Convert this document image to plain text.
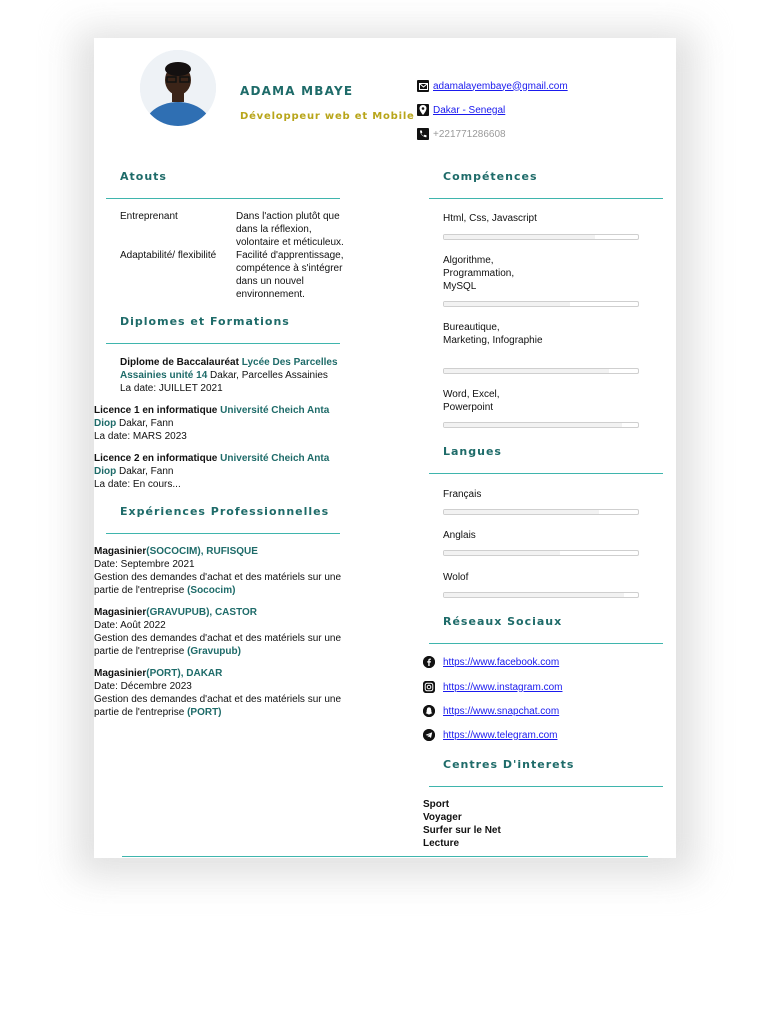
ADAMA MBAYE
Développeur web et Mobile
adamalayembaye@gmail.com
Dakar - Senegal
+221771286608
Atouts
Entreprenant	Dans l'action plutôt que dans la réflexion, volontaire et méticuleux.
Adaptabilité/ flexibilité	Facilité d'apprentissage, compétence à s'intégrer dans un nouvel environnement.
Diplomes et Formations
Diplome de Baccalauréat Lycée Des Parcelles Assainies unité 14 Dakar, Parcelles Assainies
La date: JUILLET 2021
Licence 1 en informatique Université Cheich Anta Diop Dakar, Fann
La date: MARS 2023
Licence 2 en informatique Université Cheich Anta Diop Dakar, Fann
La date: En cours...
Expériences Professionnelles
Magasinier(SOCOCIM), RUFISQUE
Date: Septembre 2021
Gestion des demandes d'achat et des matériels sur une partie de l'entreprise (Sococim)
Magasinier(GRAVUPUB), CASTOR
Date: Août 2022
Gestion des demandes d'achat et des matériels sur une partie de l'entreprise (Gravupub)
Magasinier(PORT), DAKAR
Date: Décembre 2023
Gestion des demandes d'achat et des matériels sur une partie de l'entreprise (PORT)
Compétences
Html, Css, Javascript
Algorithme, Programmation, MySQL
Bureautique, Marketing, Infographie
Word, Excel, Powerpoint
Langues
Français
Anglais
Wolof
Réseaux Sociaux
https://www.facebook.com
https://www.instagram.com
https://www.snapchat.com
https://www.telegram.com
Centres D'interets
Sport
Voyager
Surfer sur le Net
Lecture
